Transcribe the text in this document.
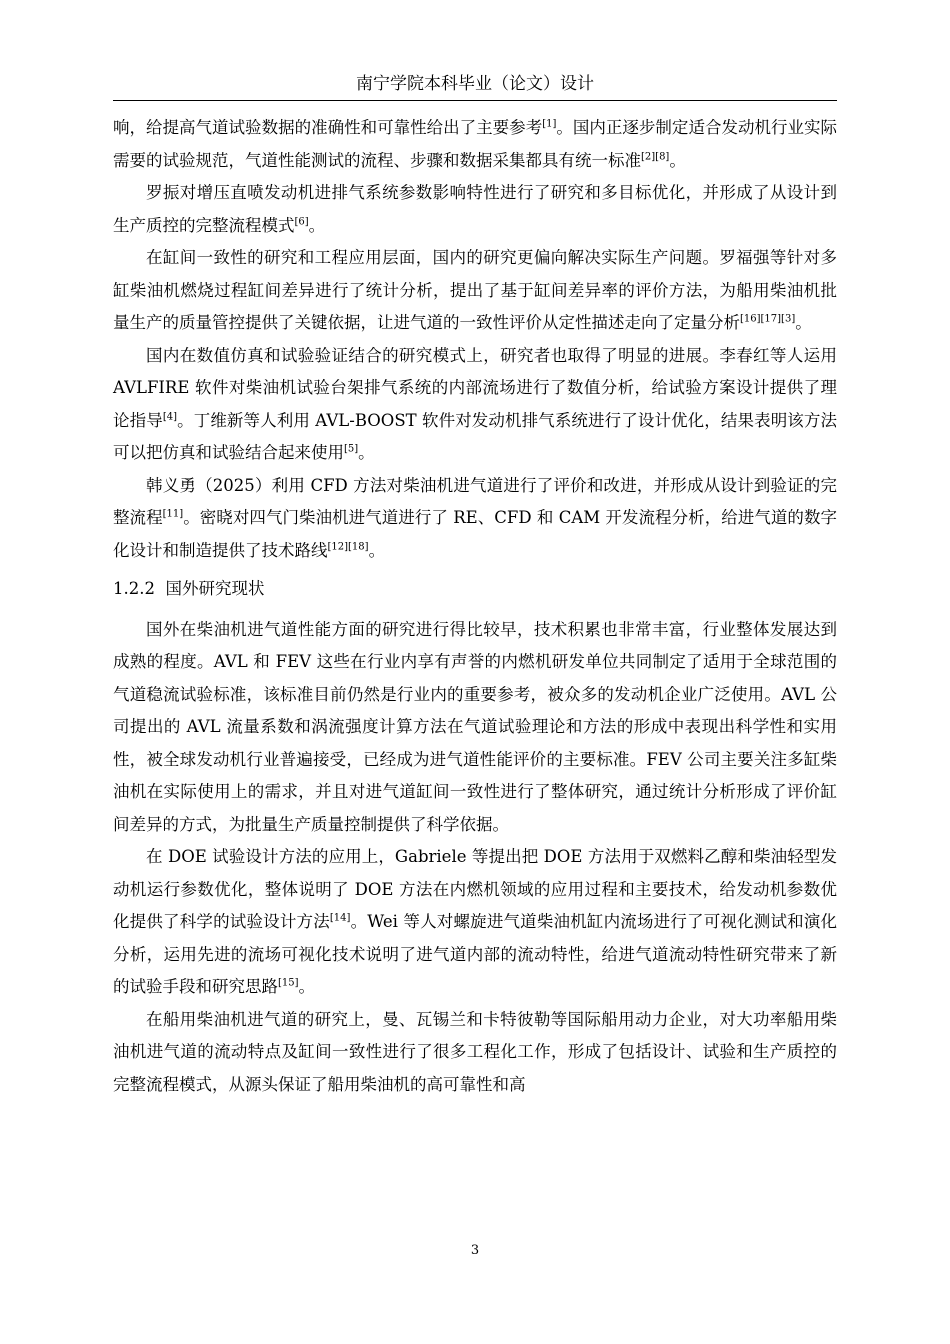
南宁学院本科毕业（论文）设计

响，给提高气道试验数据的准确性和可靠性给出了主要参考[1]。国内正逐步制定适合发动机行业实际需要的试验规范，气道性能测试的流程、步骤和数据采集都具有统一标准[2][8]。

罗振对增压直喷发动机进排气系统参数影响特性进行了研究和多目标优化，并形成了从设计到生产质控的完整流程模式[6]。

在缸间一致性的研究和工程应用层面，国内的研究更偏向解决实际生产问题。罗福强等针对多缸柴油机燃烧过程缸间差异进行了统计分析，提出了基于缸间差异率的评价方法，为船用柴油机批量生产的质量管控提供了关键依据，让进气道的一致性评价从定性描述走向了定量分析[16][17][3]。

国内在数值仿真和试验验证结合的研究模式上，研究者也取得了明显的进展。李春红等人运用 AVLFIRE 软件对柴油机试验台架排气系统的内部流场进行了数值分析，给试验方案设计提供了理论指导[4]。丁维新等人利用 AVL-BOOST 软件对发动机排气系统进行了设计优化，结果表明该方法可以把仿真和试验结合起来使用[5]。

韩义勇（2025）利用 CFD 方法对柴油机进气道进行了评价和改进，并形成从设计到验证的完整流程[11]。密晓对四气门柴油机进气道进行了 RE、CFD 和 CAM 开发流程分析，给进气道的数字化设计和制造提供了技术路线[12][18]。

1.2.2 国外研究现状

国外在柴油机进气道性能方面的研究进行得比较早，技术积累也非常丰富，行业整体发展达到成熟的程度。AVL 和 FEV 这些在行业内享有声誉的内燃机研发单位共同制定了适用于全球范围的气道稳流试验标准，该标准目前仍然是行业内的重要参考，被众多的发动机企业广泛使用。AVL 公司提出的 AVL 流量系数和涡流强度计算方法在气道试验理论和方法的形成中表现出科学性和实用性，被全球发动机行业普遍接受，已经成为进气道性能评价的主要标准。FEV 公司主要关注多缸柴油机在实际使用上的需求，并且对进气道缸间一致性进行了整体研究，通过统计分析形成了评价缸间差异的方式，为批量生产质量控制提供了科学依据。

在 DOE 试验设计方法的应用上，Gabriele 等提出把 DOE 方法用于双燃料乙醇和柴油轻型发动机运行参数优化，整体说明了 DOE 方法在内燃机领域的应用过程和主要技术，给发动机参数优化提供了科学的试验设计方法[14]。Wei 等人对螺旋进气道柴油机缸内流场进行了可视化测试和演化分析，运用先进的流场可视化技术说明了进气道内部的流动特性，给进气道流动特性研究带来了新的试验手段和研究思路[15]。

在船用柴油机进气道的研究上，曼、瓦锡兰和卡特彼勒等国际船用动力企业，对大功率船用柴油机进气道的流动特点及缸间一致性进行了很多工程化工作，形成了包括设计、试验和生产质控的完整流程模式，从源头保证了船用柴油机的高可靠性和高

3
